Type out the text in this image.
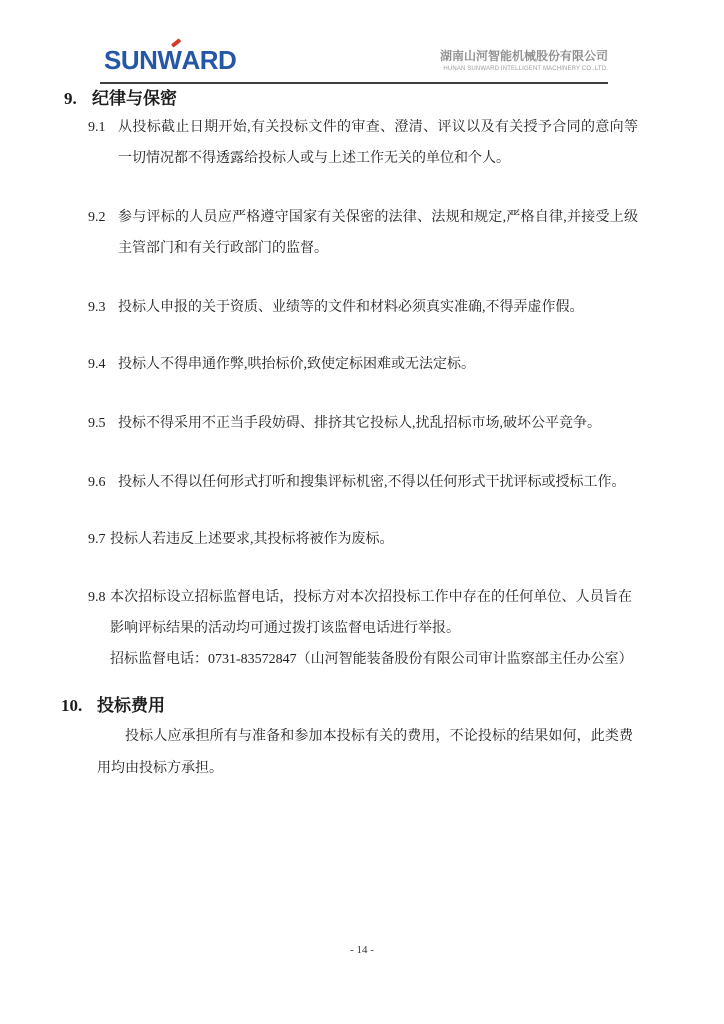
SUNW
ARD	湖南山河智能机械股份有限公司
HUNAN SUNWARD INTELLIGENT MACHINERY CO.,LTD.
9. 纪律与保密
9.1 从投标截止日期开始,有关投标文件的审查、澄清、评议以及有关授予合同的意向等一切情况都不得透露给投标人或与上述工作无关的单位和个人。
9.2 参与评标的人员应严格遵守国家有关保密的法律、法规和规定,严格自律,并接受上级主管部门和有关行政部门的监督。
9.3 投标人申报的关于资质、业绩等的文件和材料必须真实准确,不得弄虚作假。
9.4 投标人不得串通作弊,哄抬标价,致使定标困难或无法定标。
9.5 投标不得采用不正当手段妨碍、排挤其它投标人,扰乱招标市场,破坏公平竞争。
9.6 投标人不得以任何形式打听和搜集评标机密,不得以任何形式干扰评标或授标工作。
9.7 投标人若违反上述要求,其投标将被作为废标。
9.8 本次招标设立招标监督电话，投标方对本次招投标工作中存在的任何单位、人员旨在影响评标结果的活动均可通过拨打该监督电话进行举报。
招标监督电话：0731-83572847（山河智能装备股份有限公司审计监察部主任办公室）
10. 投标费用
投标人应承担所有与准备和参加本投标有关的费用，不论投标的结果如何，此类费用均由投标方承担。
- 14 -
